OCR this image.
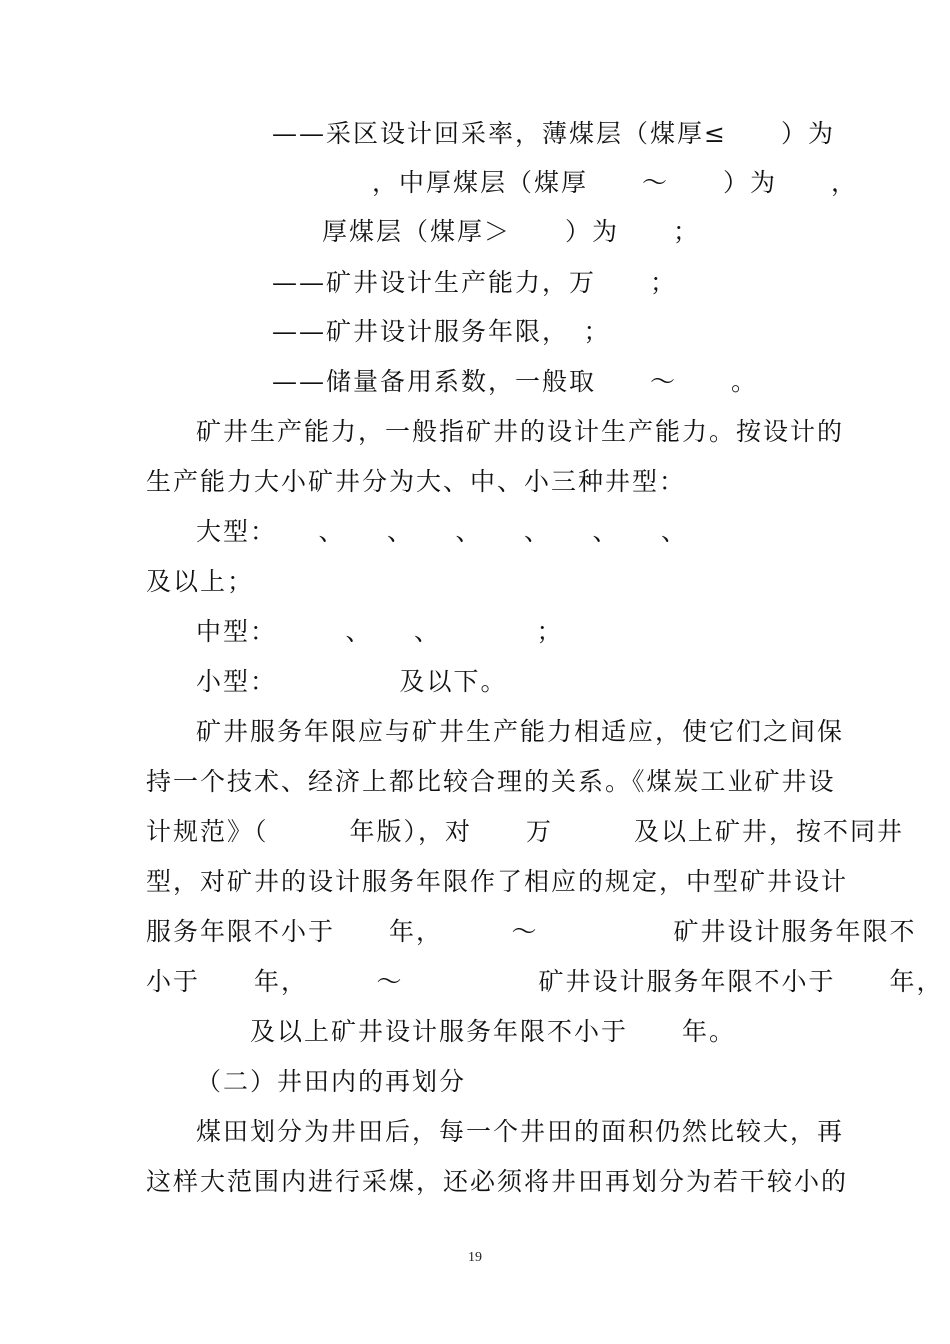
——采区设计回采率，薄煤层（煤厚≤　　）为
，中厚煤层（煤厚　　～　　）为　　，
厚煤层（煤厚＞　　）为　　；
——矿井设计生产能力，万　　；
——矿井设计服务年限，　；
——储量备用系数，一般取　　～　　。
矿井生产能力，一般指矿井的设计生产能力。按设计的
生产能力大小矿井分为大、中、小三种井型：
大型：　　、　　、　　、　　、　　、　　、
及以上；
中型：　　　、　　、　　　　；
小型：　　　　　及以下。
矿井服务年限应与矿井生产能力相适应，使它们之间保
持一个技术、经济上都比较合理的关系。《煤炭工业矿井设
计规范》（　　　年版），对　　万　　　及以上矿井，按不同井
型，对矿井的设计服务年限作了相应的规定，中型矿井设计
服务年限不小于　　年，　　　～　　　　　矿井设计服务年限不
小于　　年，　　　～　　　　　矿井设计服务年限不小于　　年，
及以上矿井设计服务年限不小于　　年。
（二）井田内的再划分
煤田划分为井田后，每一个井田的面积仍然比较大，再
这样大范围内进行采煤，还必须将井田再划分为若干较小的
19
